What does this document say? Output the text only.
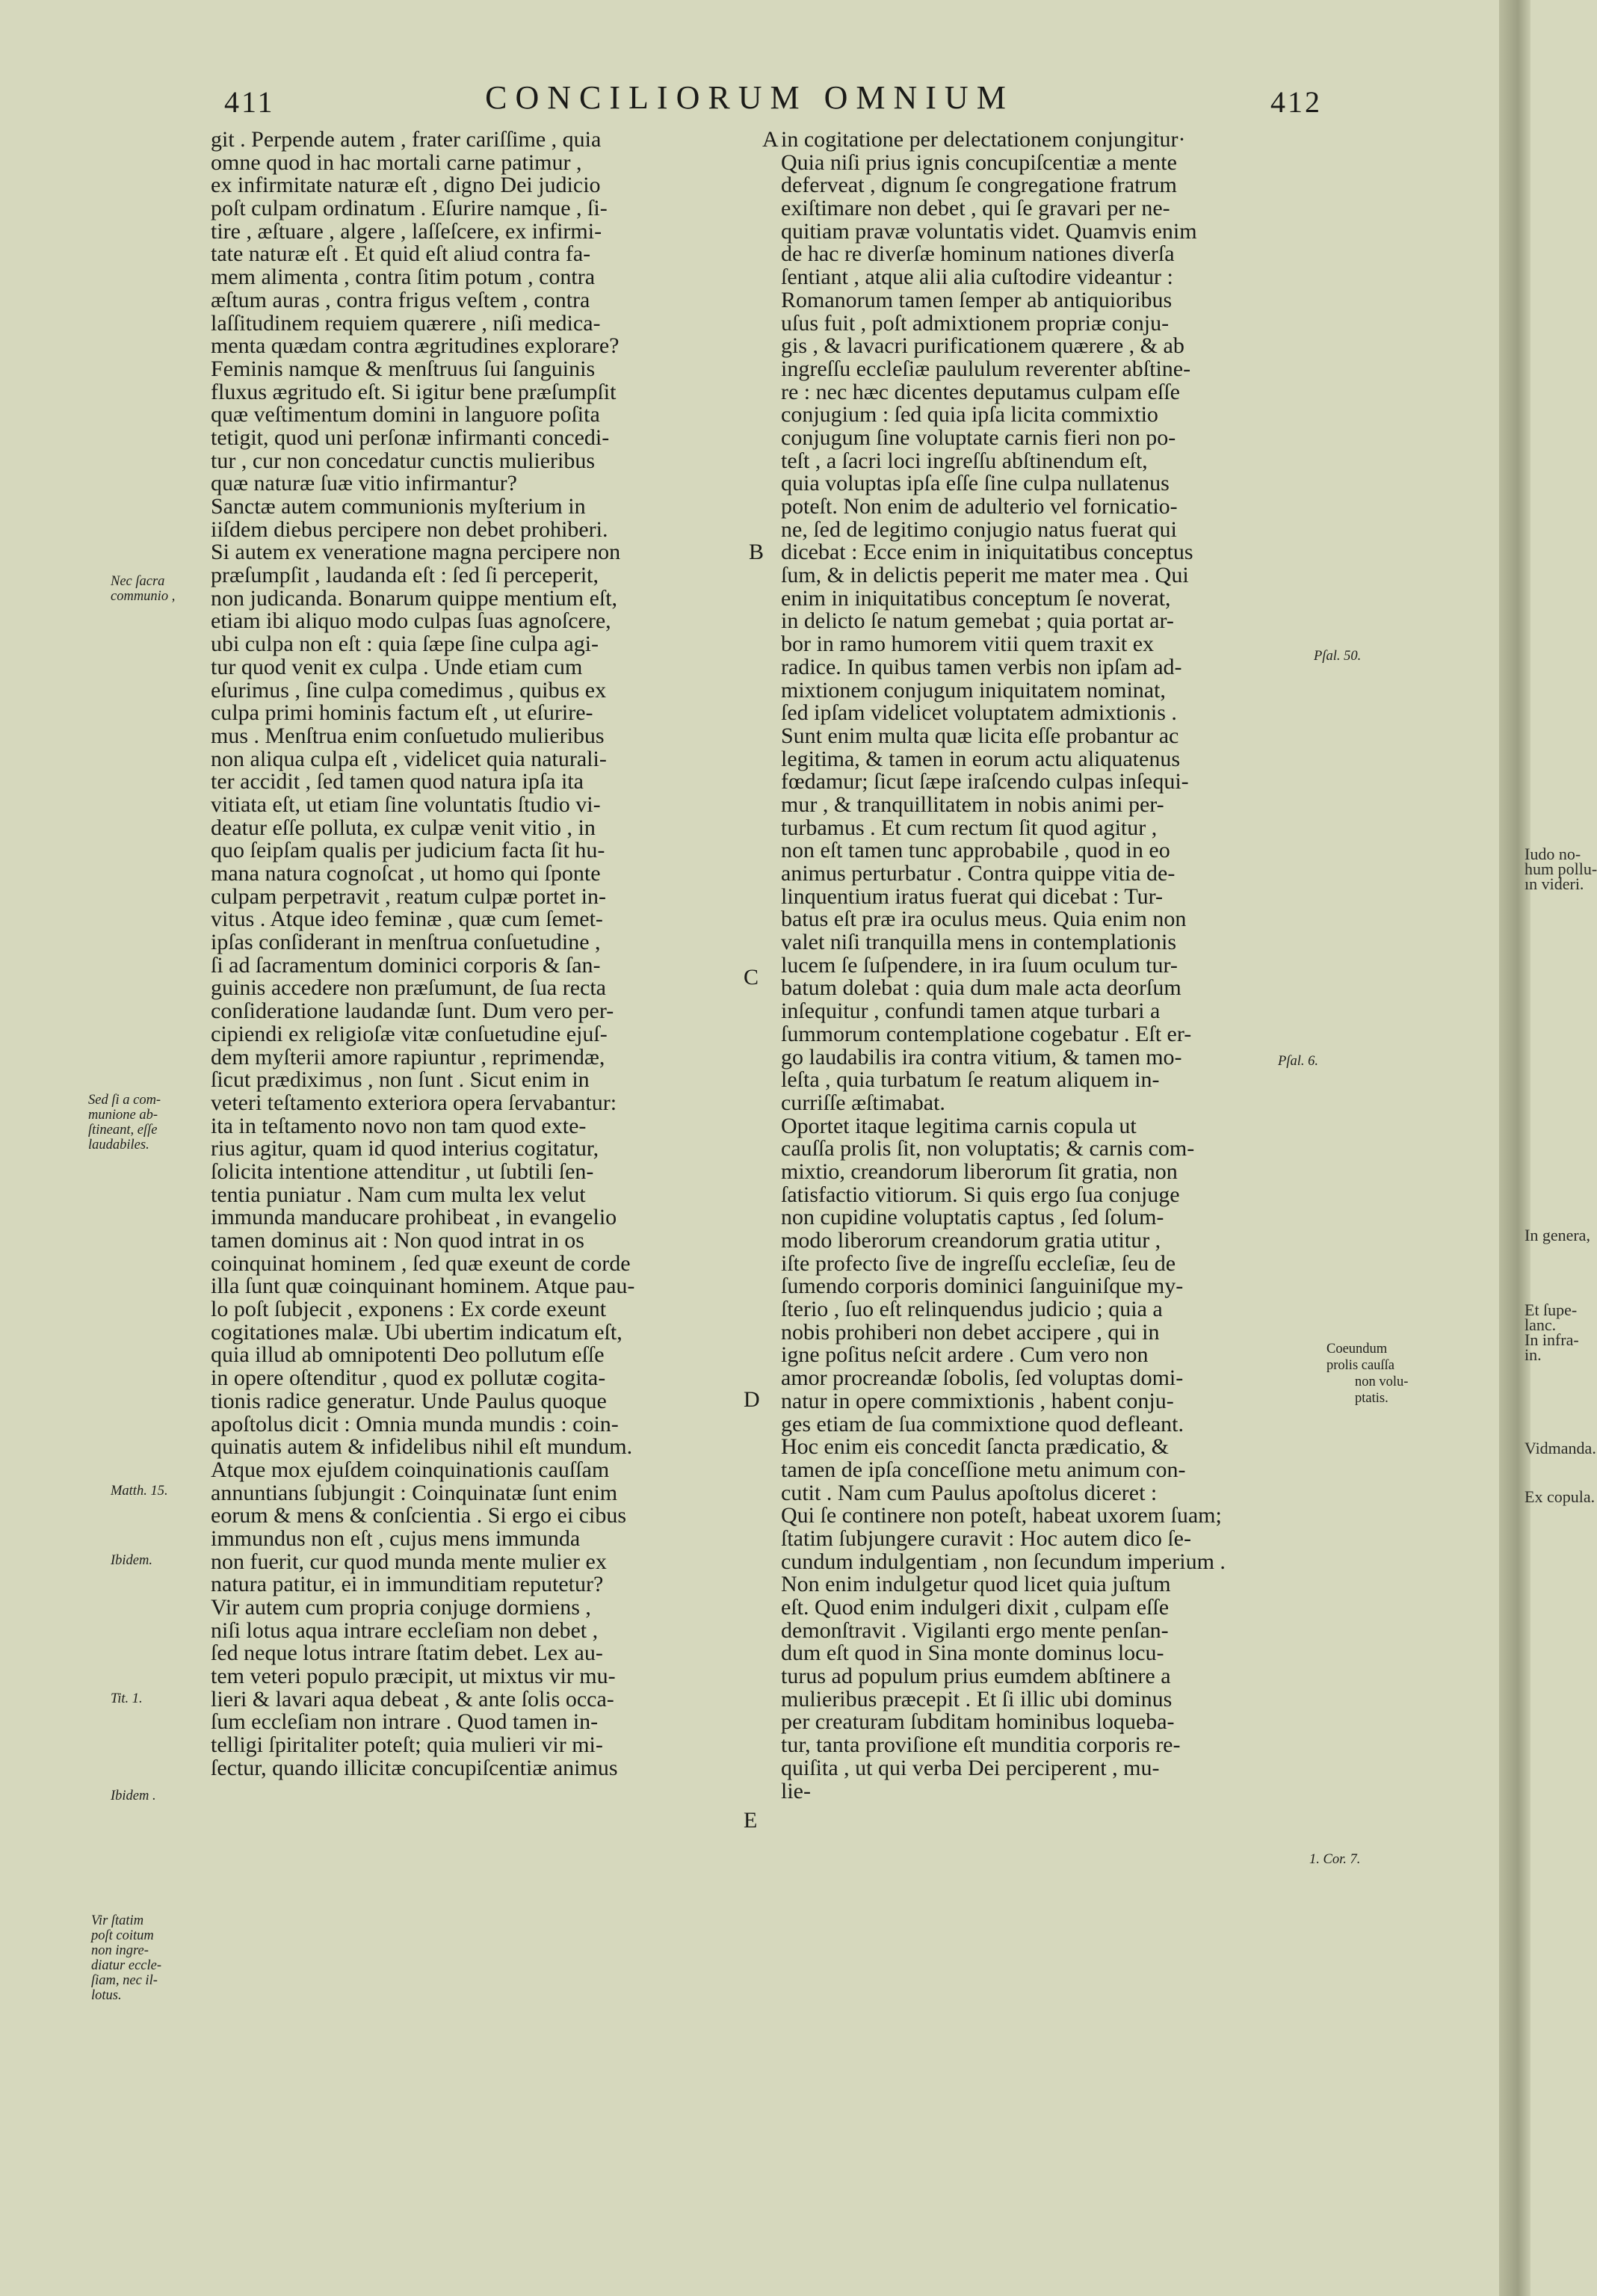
411	CONCILIORUM OMNIUM	412
git . Perpende autem , frater cariſſime , quia
omne quod in hac mortali carne patimur ,
ex infirmitate naturæ eſt , digno Dei judicio
poſt culpam ordinatum . Eſurire namque , ſi-
tire , æſtuare , algere , laſſeſcere, ex infirmi-
tate naturæ eſt . Et quid eſt aliud contra fa-
mem alimenta , contra ſitim potum , contra
æſtum auras , contra frigus veſtem , contra
laſſitudinem requiem quærere , niſi medica-
menta quædam contra ægritudines explorare?
Feminis namque & menſtruus ſui ſanguinis
fluxus ægritudo eſt. Si igitur bene præſumpſit
quæ veſtimentum domini in languore poſita
tetigit, quod uni perſonæ infirmanti concedi-
tur , cur non concedatur cunctis mulieribus
quæ naturæ ſuæ vitio infirmantur?
Sanctæ autem communionis myſterium in
iiſdem diebus percipere non debet prohiberi.
Si autem ex veneratione magna percipere non
præſumpſit , laudanda eſt : ſed ſi perceperit,
non judicanda. Bonarum quippe mentium eſt,
etiam ibi aliquo modo culpas ſuas agnoſcere,
ubi culpa non eſt : quia ſæpe ſine culpa agi-
tur quod venit ex culpa . Unde etiam cum
eſurimus , ſine culpa comedimus , quibus ex
culpa primi hominis factum eſt , ut eſurire-
mus . Menſtrua enim conſuetudo mulieribus
non aliqua culpa eſt , videlicet quia naturali-
ter accidit , ſed tamen quod natura ipſa ita
vitiata eſt, ut etiam ſine voluntatis ſtudio vi-
deatur eſſe polluta, ex culpæ venit vitio , in
quo ſeipſam qualis per judicium facta ſit hu-
mana natura cognoſcat , ut homo qui ſponte
culpam perpetravit , reatum culpæ portet in-
vitus . Atque ideo feminæ , quæ cum ſemet-
ipſas conſiderant in menſtrua conſuetudine ,
ſi ad ſacramentum dominici corporis & ſan-
guinis accedere non præſumunt, de ſua recta
conſideratione laudandæ ſunt. Dum vero per-
cipiendi ex religioſæ vitæ conſuetudine ejuſ-
dem myſterii amore rapiuntur , reprimendæ,
ſicut prædiximus , non ſunt . Sicut enim in
veteri teſtamento exteriora opera ſervabantur:
ita in teſtamento novo non tam quod exte-
rius agitur, quam id quod interius cogitatur,
ſolicita intentione attenditur , ut ſubtili ſen-
tentia puniatur . Nam cum multa lex velut
immunda manducare prohibeat , in evangelio
tamen dominus ait : Non quod intrat in os
coinquinat hominem , ſed quæ exeunt de corde
illa ſunt quæ coinquinant hominem. Atque pau-
lo poſt ſubjecit , exponens : Ex corde exeunt
cogitationes malæ. Ubi ubertim indicatum eſt,
quia illud ab omnipotenti Deo pollutum eſſe
in opere oſtenditur , quod ex pollutæ cogita-
tionis radice generatur. Unde Paulus quoque
apoſtolus dicit : Omnia munda mundis : coin-
quinatis autem & infidelibus nihil eſt mundum.
Atque mox ejuſdem coinquinationis cauſſam
annuntians ſubjungit : Coinquinatæ ſunt enim
eorum & mens & conſcientia . Si ergo ei cibus
immundus non eſt , cujus mens immunda
non fuerit, cur quod munda mente mulier ex
natura patitur, ei in immunditiam reputetur?
Vir autem cum propria conjuge dormiens ,
niſi lotus aqua intrare eccleſiam non debet ,
ſed neque lotus intrare ſtatim debet. Lex au-
tem veteri populo præcipit, ut mixtus vir mu-
lieri & lavari aqua debeat , & ante ſolis occa-
ſum eccleſiam non intrare . Quod tamen in-
telligi ſpiritaliter poteſt; quia mulieri vir mi-
ſectur, quando illicitæ concupiſcentiæ animus
in cogitatione per delectationem conjungitur·
Quia niſi prius ignis concupiſcentiæ a mente
deferveat , dignum ſe congregatione fratrum
exiſtimare non debet , qui ſe gravari per ne-
quitiam pravæ voluntatis videt. Quamvis enim
de hac re diverſæ hominum nationes diverſa
ſentiant , atque alii alia cuſtodire videantur :
Romanorum tamen ſemper ab antiquioribus
uſus fuit , poſt admixtionem propriæ conju-
gis , & lavacri purificationem quærere , & ab
ingreſſu eccleſiæ paululum reverenter abſtine-
re : nec hæc dicentes deputamus culpam eſſe
conjugium : ſed quia ipſa licita commixtio
conjugum ſine voluptate carnis fieri non po-
teſt , a ſacri loci ingreſſu abſtinendum eſt,
quia voluptas ipſa eſſe ſine culpa nullatenus
poteſt. Non enim de adulterio vel fornicatio-
ne, ſed de legitimo conjugio natus fuerat qui
dicebat : Ecce enim in iniquitatibus conceptus
ſum, & in delictis peperit me mater mea . Qui
enim in iniquitatibus conceptum ſe noverat,
in delicto ſe natum gemebat ; quia portat ar-
bor in ramo humorem vitii quem traxit ex
radice. In quibus tamen verbis non ipſam ad-
mixtionem conjugum iniquitatem nominat,
ſed ipſam videlicet voluptatem admixtionis .
Sunt enim multa quæ licita eſſe probantur ac
legitima, & tamen in eorum actu aliquatenus
fœdamur; ſicut ſæpe iraſcendo culpas inſequi-
mur , & tranquillitatem in nobis animi per-
turbamus . Et cum rectum ſit quod agitur ,
non eſt tamen tunc approbabile , quod in eo
animus perturbatur . Contra quippe vitia de-
linquentium iratus fuerat qui dicebat : Tur-
batus eſt præ ira oculus meus. Quia enim non
valet niſi tranquilla mens in contemplationis
lucem ſe ſuſpendere, in ira ſuum oculum tur-
batum dolebat : quia dum male acta deorſum
inſequitur , confundi tamen atque turbari a
ſummorum contemplatione cogebatur . Eſt er-
go laudabilis ira contra vitium, & tamen mo-
leſta , quia turbatum ſe reatum aliquem in-
curriſſe æſtimabat.
Oportet itaque legitima carnis copula ut
cauſſa prolis ſit, non voluptatis; & carnis com-
mixtio, creandorum liberorum ſit gratia, non
ſatisfactio vitiorum. Si quis ergo ſua conjuge
non cupidine voluptatis captus , ſed ſolum-
modo liberorum creandorum gratia utitur ,
iſte profecto ſive de ingreſſu eccleſiæ, ſeu de
ſumendo corporis dominici ſanguiniſque my-
ſterio , ſuo eſt relinquendus judicio ; quia a
nobis prohiberi non debet accipere , qui in
igne poſitus neſcit ardere . Cum vero non
amor procreandæ ſobolis, ſed voluptas domi-
natur in opere commixtionis , habent conju-
ges etiam de ſua commixtione quod defleant.
Hoc enim eis concedit ſancta prædicatio, &
tamen de ipſa conceſſione metu animum con-
cutit . Nam cum Paulus apoſtolus diceret :
Qui ſe continere non poteſt, habeat uxorem ſuam;
ſtatim ſubjungere curavit : Hoc autem dico ſe-
cundum indulgentiam , non ſecundum imperium .
Non enim indulgetur quod licet quia juſtum
eſt. Quod enim indulgeri dixit , culpam eſſe
demonſtravit . Vigilanti ergo mente penſan-
dum eſt quod in Sina monte dominus locu-
turus ad populum prius eumdem abſtinere a
mulieribus præcepit . Et ſi illic ubi dominus
per creaturam ſubditam hominibus loqueba-
tur, tanta proviſione eſt munditia corporis re-
quiſita , ut qui verba Dei perciperent , mu-
lie-
A
B
C
D
E
Nec ſacra
communio ,
Sed ſi a com-
munione ab-
ſtineant, eſſe
laudabiles.
Matth. 15.
Ibidem.
Tit. 1.
Ibidem .
Vir ſtatim
poſt coitum
non ingre-
diatur eccle-
ſiam, nec il-
lotus.
Pſal. 50.
Pſal. 6.
Coeundum
prolis cauſſa
non volu-
ptatis.
1. Cor. 7.
Iudo no-
hum pollu-
ın videri.
In genera,
Et ſupe-
lanc.
In infra-
in.
Vidmanda.
Ex copula.
